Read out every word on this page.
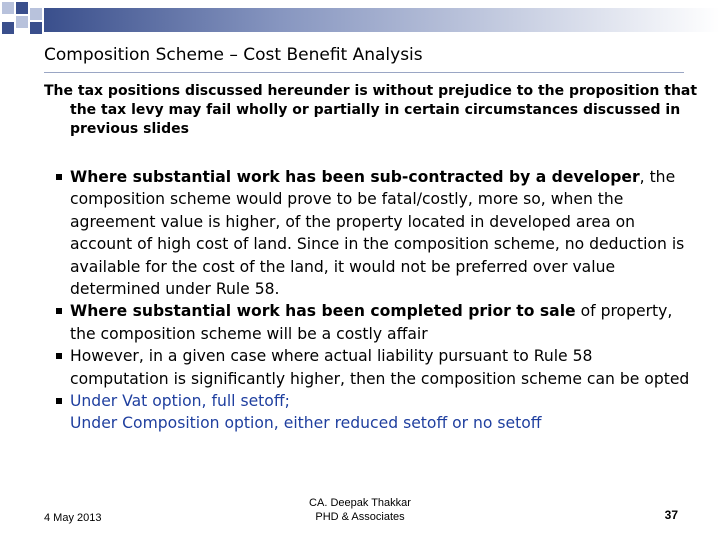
Composition Scheme – Cost Benefit Analysis
The tax positions discussed hereunder is without prejudice to the proposition that the tax levy may fail wholly or partially in certain circumstances discussed in previous slides
Where substantial work has been sub-contracted by a developer, the composition scheme would prove to be fatal/costly, more so, when the agreement value is higher, of the property located in developed area on account of high cost of land. Since in the composition scheme, no deduction is available for the cost of the land, it would not be preferred over value determined under Rule 58.
Where substantial work has been completed prior to sale of property, the composition scheme will be a costly affair
However, in a given case where actual liability pursuant to Rule 58 computation is significantly higher, then the composition scheme can be opted
Under Vat option, full setoff;
Under Composition option, either reduced setoff or no setoff
4 May 2013
CA. Deepak Thakkar
PHD & Associates	37
